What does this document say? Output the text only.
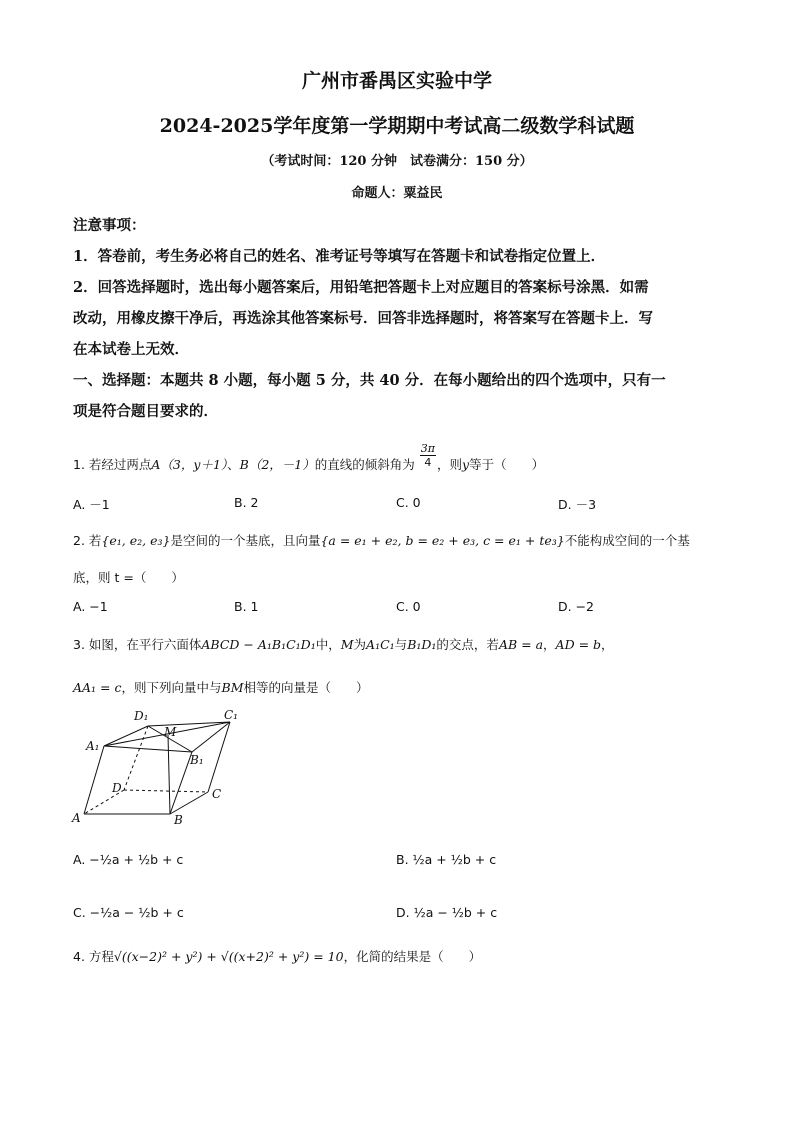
广州市番禺区实验中学
2024-2025学年度第一学期期中考试高二级数学科试题
（考试时间：120 分钟　试卷满分：150 分）
命题人：粟益民
注意事项：
1．答卷前，考生务必将自己的姓名、准考证号等填写在答题卡和试卷指定位置上．
2．回答选择题时，选出每小题答案后，用铅笔把答题卡上对应题目的答案标号涂黑．如需
改动，用橡皮擦干净后，再选涂其他答案标号．回答非选择题时，将答案写在答题卡上．写
在本试卷上无效．
一、选择题：本题共 8 小题，每小题 5 分，共 40 分．在每小题给出的四个选项中，只有一
项是符合题目要求的．
1. 若经过两点A（3，y＋1）、B（2，－1）的直线的倾斜角为 $\frac{3\pi}{4}$ ，则y等于（　　）
A. －1	B. 2	C. 0	D. －3
2. 若{e₁, e₂, e₃}是空间的一个基底，且向量{a = e₁ + e₂, b = e₂ + e₃, c = e₁ + te₃}不能构成空间的一个基
底，则 t =（　　）
A. −1	B. 1	C. 0	D. −2
3. 如图，在平行六面体ABCD − A₁B₁C₁D₁中，M为A₁C₁与B₁D₁的交点，若AB = a，AD = b，
AA₁ = c，则下列向量中与BM相等的向量是（　　）
D₁	C₁
A₁
M
B₁
D	C
A	B
A. −½a + ½b + c	B. ½a + ½b + c
C. −½a − ½b + c	D. ½a − ½b + c
4. 方程√((x−2)² + y²) + √((x+2)² + y²) = 10，化简的结果是（　　）
